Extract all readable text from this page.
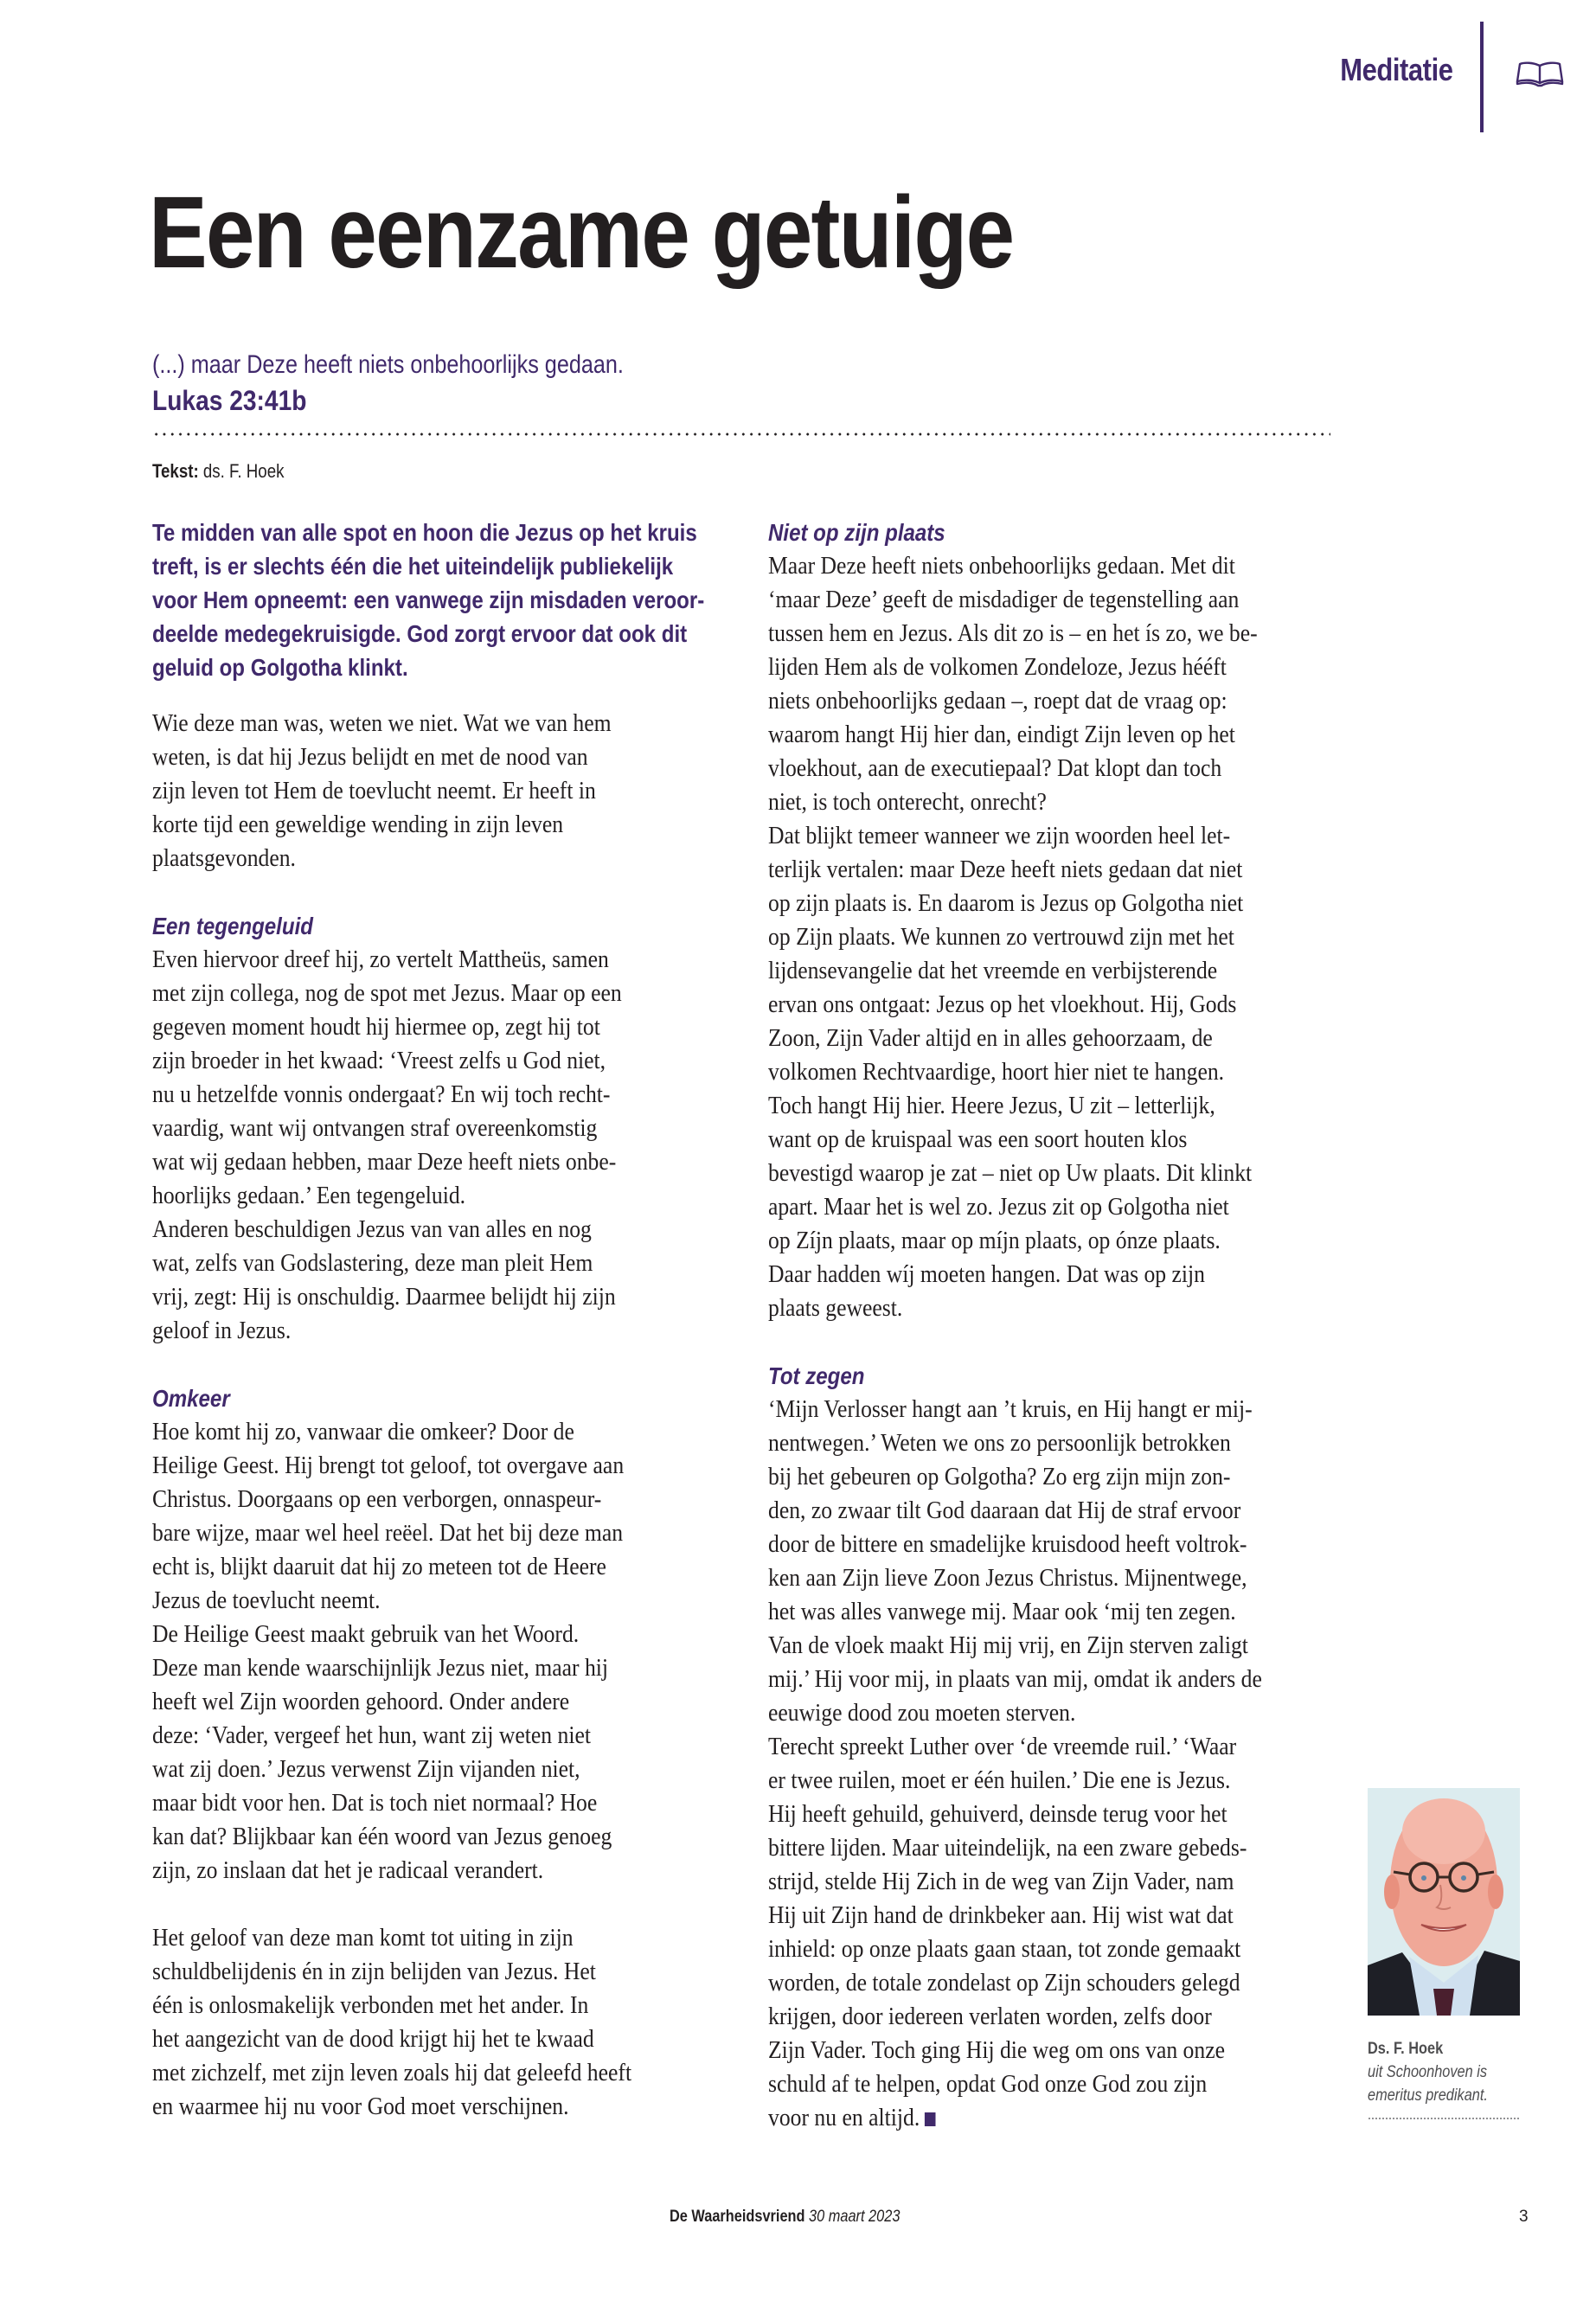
Meditatie
Een eenzame getuige
(...) maar Deze heeft niets onbehoorlijks gedaan.
Lukas 23:41b
Tekst: ds. F. Hoek
Te midden van alle spot en hoon die Jezus op het kruis
treft, is er slechts één die het uiteindelijk publiekelijk
voor Hem opneemt: een vanwege zijn misdaden veroor-
deelde medegekruisigde. God zorgt ervoor dat ook dit
geluid op Golgotha klinkt.
Wie deze man was, weten we niet. Wat we van hem
weten, is dat hij Jezus belijdt en met de nood van
zijn leven tot Hem de toevlucht neemt. Er heeft in
korte tijd een geweldige wending in zijn leven
plaatsgevonden.
Een tegengeluid
Even hiervoor dreef hij, zo vertelt Mattheüs, samen
met zijn collega, nog de spot met Jezus. Maar op een
gegeven moment houdt hij hiermee op, zegt hij tot
zijn broeder in het kwaad: ‘Vreest zelfs u God niet,
nu u hetzelfde vonnis ondergaat? En wij toch recht-
vaardig, want wij ontvangen straf overeenkomstig
wat wij gedaan hebben, maar Deze heeft niets onbe-
hoorlijks gedaan.’ Een tegengeluid.
Anderen beschuldigen Jezus van van alles en nog
wat, zelfs van Godslastering, deze man pleit Hem
vrij, zegt: Hij is onschuldig. Daarmee belijdt hij zijn
geloof in Jezus.
Omkeer
Hoe komt hij zo, vanwaar die omkeer? Door de
Heilige Geest. Hij brengt tot geloof, tot overgave aan
Christus. Doorgaans op een verborgen, onnaspeur-
bare wijze, maar wel heel reëel. Dat het bij deze man
echt is, blijkt daaruit dat hij zo meteen tot de Heere
Jezus de toevlucht neemt.
De Heilige Geest maakt gebruik van het Woord.
Deze man kende waarschijnlijk Jezus niet, maar hij
heeft wel Zijn woorden gehoord. Onder andere
deze: ‘Vader, vergeef het hun, want zij weten niet
wat zij doen.’ Jezus verwenst Zijn vijanden niet,
maar bidt voor hen. Dat is toch niet normaal? Hoe
kan dat? Blijkbaar kan één woord van Jezus genoeg
zijn, zo inslaan dat het je radicaal verandert.
Het geloof van deze man komt tot uiting in zijn
schuldbelijdenis én in zijn belijden van Jezus. Het
één is onlosmakelijk verbonden met het ander. In
het aangezicht van de dood krijgt hij het te kwaad
met zichzelf, met zijn leven zoals hij dat geleefd heeft
en waarmee hij nu voor God moet verschijnen.
Niet op zijn plaats
Maar Deze heeft niets onbehoorlijks gedaan. Met dit
‘maar Deze’ geeft de misdadiger de tegenstelling aan
tussen hem en Jezus. Als dit zo is – en het ís zo, we be-
lijden Hem als de volkomen Zondeloze, Jezus hééft
niets onbehoorlijks gedaan –, roept dat de vraag op:
waarom hangt Hij hier dan, eindigt Zijn leven op het
vloekhout, aan de executiepaal? Dat klopt dan toch
niet, is toch onterecht, onrecht?
Dat blijkt temeer wanneer we zijn woorden heel let-
terlijk vertalen: maar Deze heeft niets gedaan dat niet
op zijn plaats is. En daarom is Jezus op Golgotha niet
op Zijn plaats. We kunnen zo vertrouwd zijn met het
lijdensevangelie dat het vreemde en verbijsterende
ervan ons ontgaat: Jezus op het vloekhout. Hij, Gods
Zoon, Zijn Vader altijd en in alles gehoorzaam, de
volkomen Rechtvaardige, hoort hier niet te hangen.
Toch hangt Hij hier. Heere Jezus, U zit – letterlijk,
want op de kruispaal was een soort houten klos
bevestigd waarop je zat – niet op Uw plaats. Dit klinkt
apart. Maar het is wel zo. Jezus zit op Golgotha niet
op Zíjn plaats, maar op míjn plaats, op ónze plaats.
Daar hadden wíj moeten hangen. Dat was op zijn
plaats geweest.
Tot zegen
‘Mijn Verlosser hangt aan ’t kruis, en Hij hangt er mij-
nentwegen.’ Weten we ons zo persoonlijk betrokken
bij het gebeuren op Golgotha? Zo erg zijn mijn zon-
den, zo zwaar tilt God daaraan dat Hij de straf ervoor
door de bittere en smadelijke kruisdood heeft voltrok-
ken aan Zijn lieve Zoon Jezus Christus. Mijnentwege,
het was alles vanwege mij. Maar ook ‘mij ten zegen.
Van de vloek maakt Hij mij vrij, en Zijn sterven zaligt
mij.’ Hij voor mij, in plaats van mij, omdat ik anders de
eeuwige dood zou moeten sterven.
Terecht spreekt Luther over ‘de vreemde ruil.’ ‘Waar
er twee ruilen, moet er één huilen.’ Die ene is Jezus.
Hij heeft gehuild, gehuiverd, deinsde terug voor het
bittere lijden. Maar uiteindelijk, na een zware gebeds-
strijd, stelde Hij Zich in de weg van Zijn Vader, nam
Hij uit Zijn hand de drinkbeker aan. Hij wist wat dat
inhield: op onze plaats gaan staan, tot zonde gemaakt
worden, de totale zondelast op Zijn schouders gelegd
krijgen, door iedereen verlaten worden, zelfs door
Zijn Vader. Toch ging Hij die weg om ons van onze
schuld af te helpen, opdat God onze God zou zijn
voor nu en altijd.
Ds. F. Hoek
uit Schoonhoven is
emeritus predikant.
De Waarheidsvriend 30 maart 2023	3
